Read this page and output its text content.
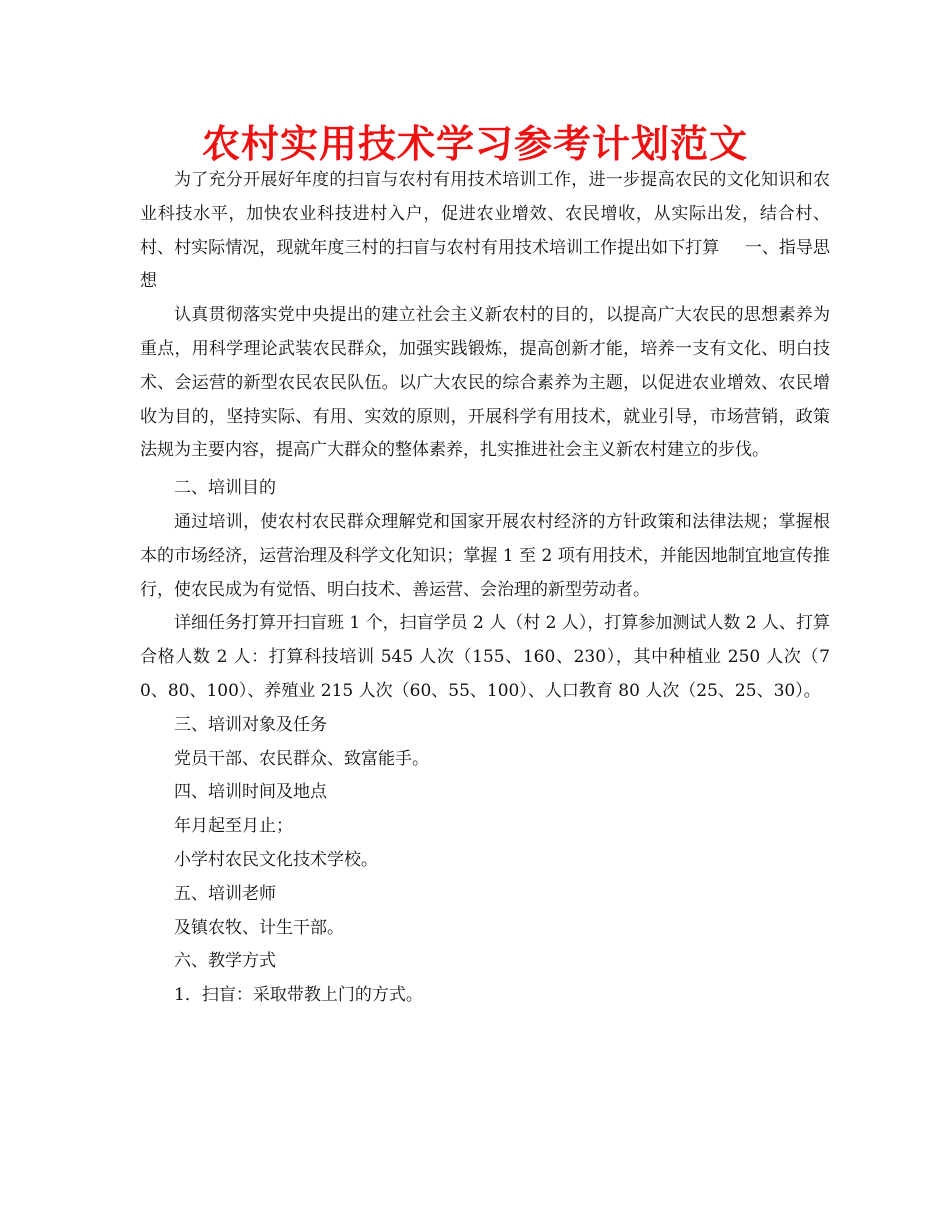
农村实用技术学习参考计划范文

为了充分开展好年度的扫盲与农村有用技术培训工作，进一步提高农民的文化知识和农业科技水平，加快农业科技进村入户，促进农业增效、农民增收，从实际出发，结合村、村、村实际情况，现就年度三村的扫盲与农村有用技术培训工作提出如下打算 一、指导思想

认真贯彻落实党中央提出的建立社会主义新农村的目的，以提高广大农民的思想素养为重点，用科学理论武装农民群众，加强实践锻炼，提高创新才能，培养一支有文化、明白技术、会运营的新型农民农民队伍。以广大农民的综合素养为主题，以促进农业增效、农民增收为目的，坚持实际、有用、实效的原则，开展科学有用技术，就业引导，市场营销，政策法规为主要内容，提高广大群众的整体素养，扎实推进社会主义新农村建立的步伐。

二、培训目的

通过培训，使农村农民群众理解党和国家开展农村经济的方针政策和法律法规；掌握根本的市场经济，运营治理及科学文化知识；掌握 1 至 2 项有用技术，并能因地制宜地宣传推行，使农民成为有觉悟、明白技术、善运营、会治理的新型劳动者。

详细任务打算开扫盲班 1 个，扫盲学员 2 人（村 2 人），打算参加测试人数 2 人、打算合格人数 2 人：打算科技培训 545 人次（155、160、230），其中种植业 250 人次（70、80、100）、养殖业 215 人次（60、55、100）、人口教育 80 人次（25、25、30）。

三、培训对象及任务

党员干部、农民群众、致富能手。

四、培训时间及地点

年月起至月止；

小学村农民文化技术学校。

五、培训老师

及镇农牧、计生干部。

六、教学方式

1．扫盲：采取带教上门的方式。
